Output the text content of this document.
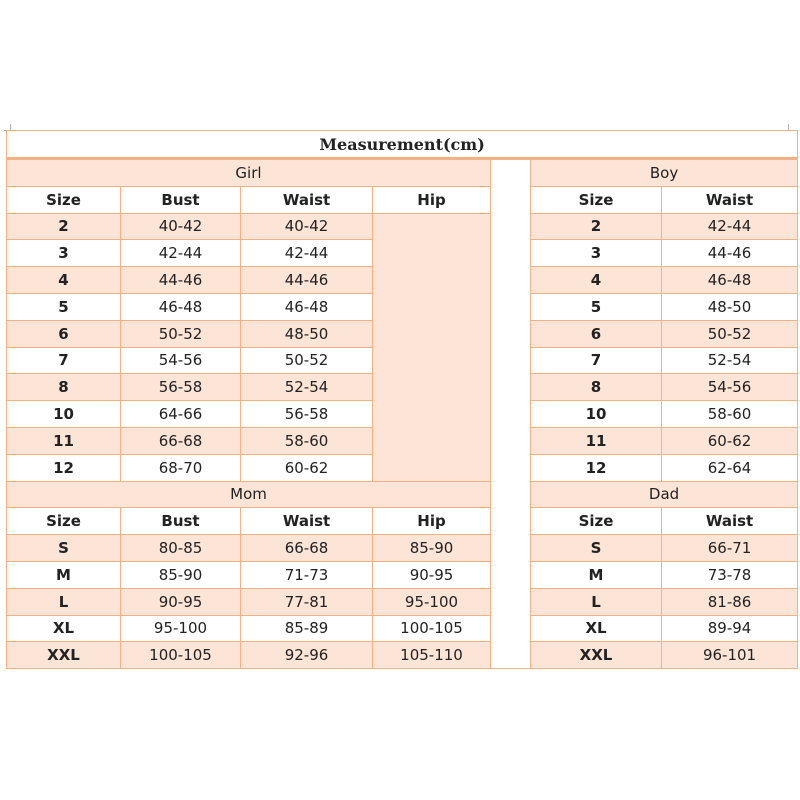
Measurement(cm)						
Girl					Boy	
Size	Bust	Waist	Hip		Size	Waist
2	40-42	40-42			2	42-44
3	42-44	42-44			3	44-46
4	44-46	44-46			4	46-48
5	46-48	46-48			5	48-50
6	50-52	48-50			6	50-52
7	54-56	50-52			7	52-54
8	56-58	52-54			8	54-56
10	64-66	56-58			10	58-60
11	66-68	58-60			11	60-62
12	68-70	60-62			12	62-64
Mom					Dad	
Size	Bust	Waist	Hip		Size	Waist
S	80-85	66-68	85-90		S	66-71
M	85-90	71-73	90-95		M	73-78
L	90-95	77-81	95-100		L	81-86
XL	95-100	85-89	100-105		XL	89-94
XXL	100-105	92-96	105-110		XXL	96-101
